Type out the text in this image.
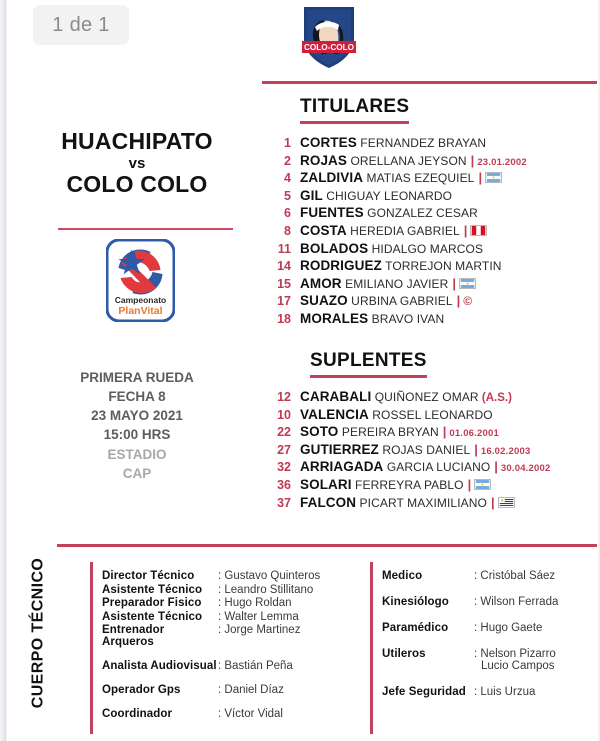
1 de 1
COLO-COLO
HUACHIPATO
vs
COLO COLO
Campeonato
PlanVital
PRIMERA RUEDA
FECHA 8
23 MAYO 2021
15:00 HRS
ESTADIO
CAP
TITULARES
1 CORTES FERNANDEZ BRAYAN
2 ROJAS ORELLANA JEYSON | 23.01.2002
4 ZALDIVIA MATIAS EZEQUIEL |
5 GIL CHIGUAY LEONARDO
6 FUENTES GONZALEZ CESAR
8 COSTA HEREDIA GABRIEL |
11 BOLADOS HIDALGO MARCOS
14 RODRIGUEZ TORREJON MARTIN
15 AMOR EMILIANO JAVIER |
17 SUAZO URBINA GABRIEL | ©
18 MORALES BRAVO IVAN
SUPLENTES
12 CARABALI QUIÑONEZ OMAR (A.S.)
10 VALENCIA ROSSEL LEONARDO
22 SOTO PEREIRA BRYAN | 01.06.2001
27 GUTIERREZ ROJAS DANIEL | 16.02.2003
32 ARRIAGADA GARCIA LUCIANO | 30.04.2002
36 SOLARI FERREYRA PABLO |
37 FALCON PICART MAXIMILIANO |
CUERPO TÉCNICO	Director Técnico	: Gustavo Quinteros
Asistente Técnico	: Leandro Stillitano
Preparador Fisico	: Hugo Roldan
Asistente Técnico	: Walter Lemma
Entrenador Arqueros
: Jorge Martinez
Analista Audiovisual : Bastián Peña
Operador Gps	: Daniel Díaz
Coordinador	: Víctor Vidal
Medico	: Cristóbal Sáez
Kinesiólogo	: Wilson Ferrada
Paramédico	: Hugo Gaete
Utileros	: Nelson Pizarro
Lucio Campos
Jefe Seguridad : Luis Urzua
